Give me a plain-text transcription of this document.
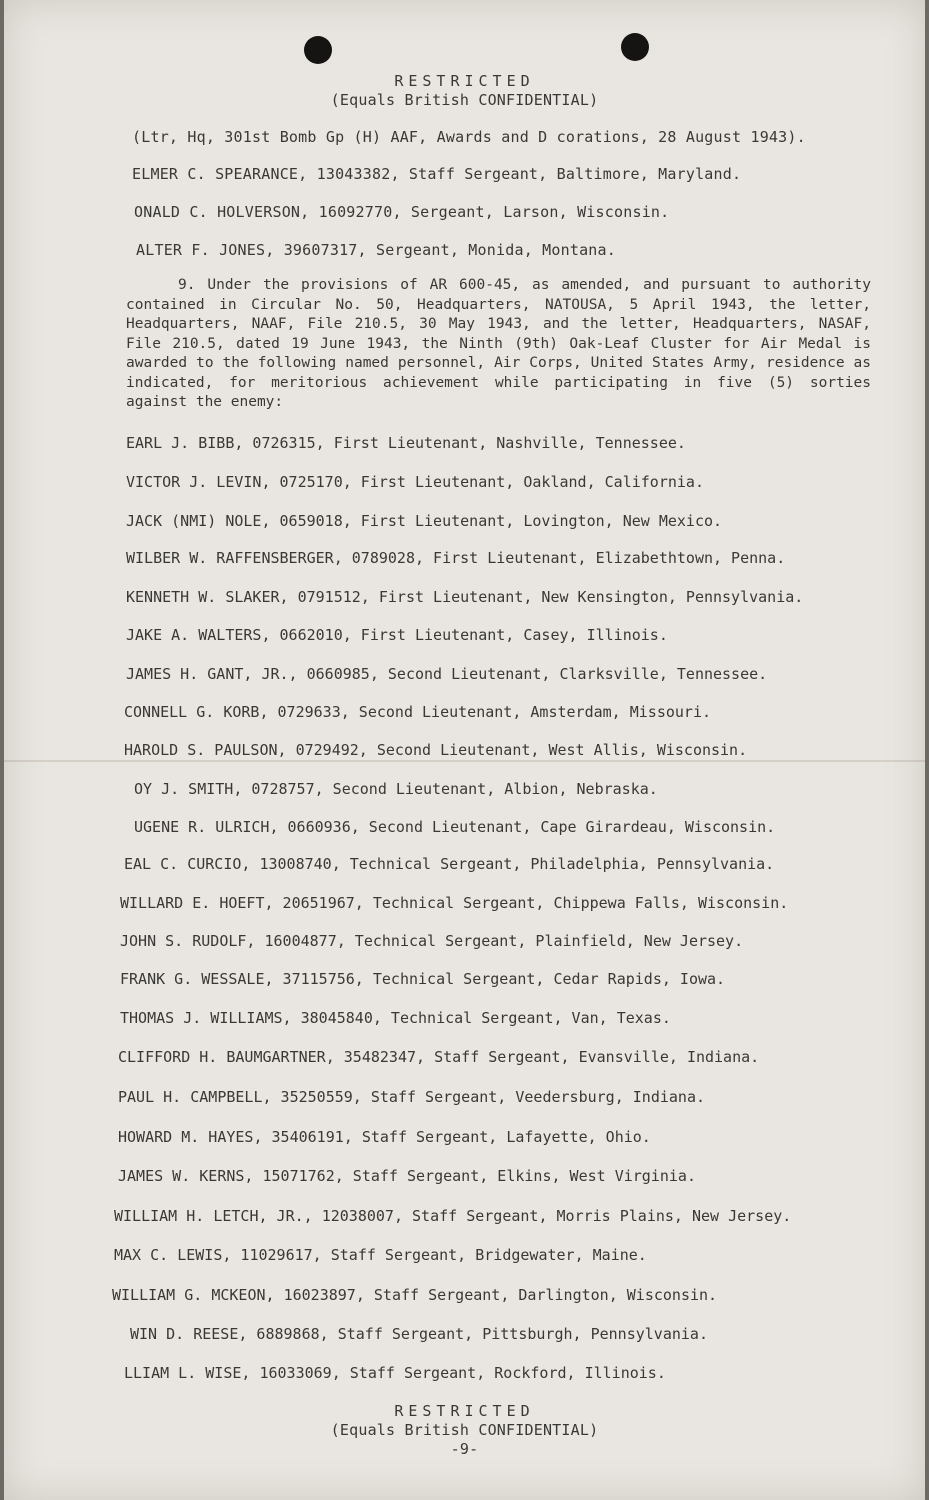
RESTRICTED
(Equals British CONFIDENTIAL)
(Ltr, Hq, 301st Bomb Gp (H) AAF, Awards and D corations, 28 August 1943).
ELMER C. SPEARANCE, 13043382, Staff Sergeant, Baltimore, Maryland.
ONALD C. HOLVERSON, 16092770, Sergeant, Larson, Wisconsin.
ALTER F. JONES, 39607317, Sergeant, Monida, Montana.
9. Under the provisions of AR 600-45, as amended, and pursuant to authority contained in Circular No. 50, Headquarters, NATOUSA, 5 April 1943, the letter, Headquarters, NAAF, File 210.5, 30 May 1943, and the letter, Headquarters, NASAF, File 210.5, dated 19 June 1943, the Ninth (9th) Oak-Leaf Cluster for Air Medal is awarded to the following named personnel, Air Corps, United States Army, residence as indicated, for meritorious achievement while participating in five (5) sorties against the enemy:
EARL J. BIBB, 0726315, First Lieutenant, Nashville, Tennessee.
VICTOR J. LEVIN, 0725170, First Lieutenant, Oakland, California.
JACK (NMI) NOLE, 0659018, First Lieutenant, Lovington, New Mexico.
WILBER W. RAFFENSBERGER, 0789028, First Lieutenant, Elizabethtown, Penna.
KENNETH W. SLAKER, 0791512, First Lieutenant, New Kensington, Pennsylvania.
JAKE A. WALTERS, 0662010, First Lieutenant, Casey, Illinois.
JAMES H. GANT, JR., 0660985, Second Lieutenant, Clarksville, Tennessee.
CONNELL G. KORB, 0729633, Second Lieutenant, Amsterdam, Missouri.
HAROLD S. PAULSON, 0729492, Second Lieutenant, West Allis, Wisconsin.
OY J. SMITH, 0728757, Second Lieutenant, Albion, Nebraska.
UGENE R. ULRICH, 0660936, Second Lieutenant, Cape Girardeau, Wisconsin.
EAL C. CURCIO, 13008740, Technical Sergeant, Philadelphia, Pennsylvania.
WILLARD E. HOEFT, 20651967, Technical Sergeant, Chippewa Falls, Wisconsin.
JOHN S. RUDOLF, 16004877, Technical Sergeant, Plainfield, New Jersey.
FRANK G. WESSALE, 37115756, Technical Sergeant, Cedar Rapids, Iowa.
THOMAS J. WILLIAMS, 38045840, Technical Sergeant, Van, Texas.
CLIFFORD H. BAUMGARTNER, 35482347, Staff Sergeant, Evansville, Indiana.
PAUL H. CAMPBELL, 35250559, Staff Sergeant, Veedersburg, Indiana.
HOWARD M. HAYES, 35406191, Staff Sergeant, Lafayette, Ohio.
JAMES W. KERNS, 15071762, Staff Sergeant, Elkins, West Virginia.
WILLIAM H. LETCH, JR., 12038007, Staff Sergeant, Morris Plains, New Jersey.
MAX C. LEWIS, 11029617, Staff Sergeant, Bridgewater, Maine.
WILLIAM G. MCKEON, 16023897, Staff Sergeant, Darlington, Wisconsin.
WIN D. REESE, 6889868, Staff Sergeant, Pittsburgh, Pennsylvania.
LLIAM L. WISE, 16033069, Staff Sergeant, Rockford, Illinois.
RESTRICTED
(Equals British CONFIDENTIAL)
-9-
